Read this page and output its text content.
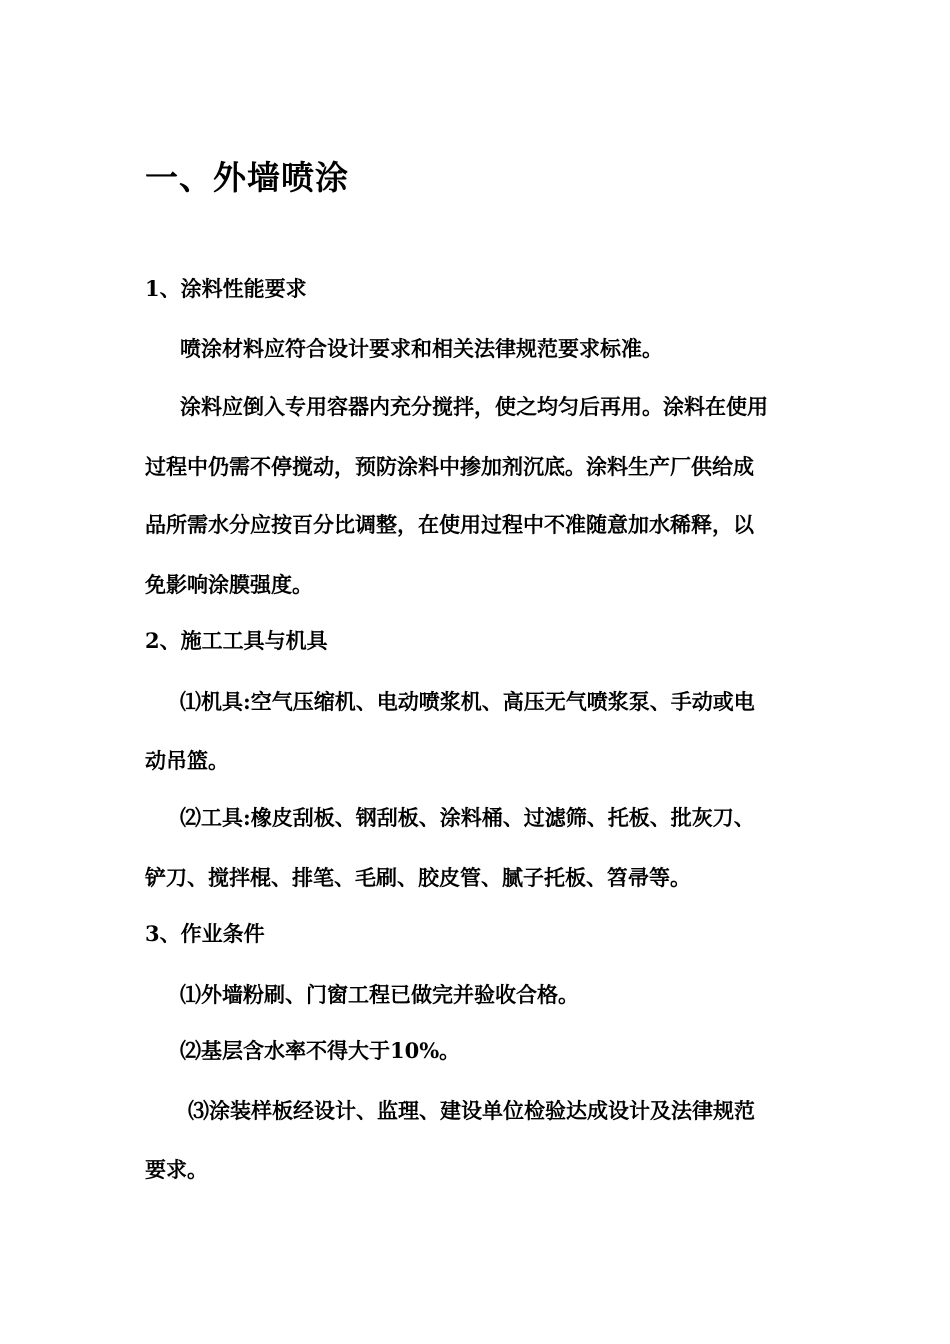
一、外墙喷涂

1、涂料性能要求

喷涂材料应符合设计要求和相关法律规范要求标准。

涂料应倒入专用容器内充分搅拌，使之均匀后再用。涂料在使用

过程中仍需不停搅动，预防涂料中掺加剂沉底。涂料生产厂供给成

品所需水分应按百分比调整，在使用过程中不准随意加水稀释，以

免影响涂膜强度。

2、施工工具与机具

⑴机具:空气压缩机、电动喷浆机、高压无气喷浆泵、手动或电

动吊篮。

⑵工具:橡皮刮板、钢刮板、涂料桶、过滤筛、托板、批灰刀、

铲刀、搅拌棍、排笔、毛刷、胶皮管、腻子托板、笤帚等。

3、作业条件

⑴外墙粉刷、门窗工程已做完并验收合格。

⑵基层含水率不得大于10%。

⑶涂装样板经设计、监理、建设单位检验达成设计及法律规范

要求。
